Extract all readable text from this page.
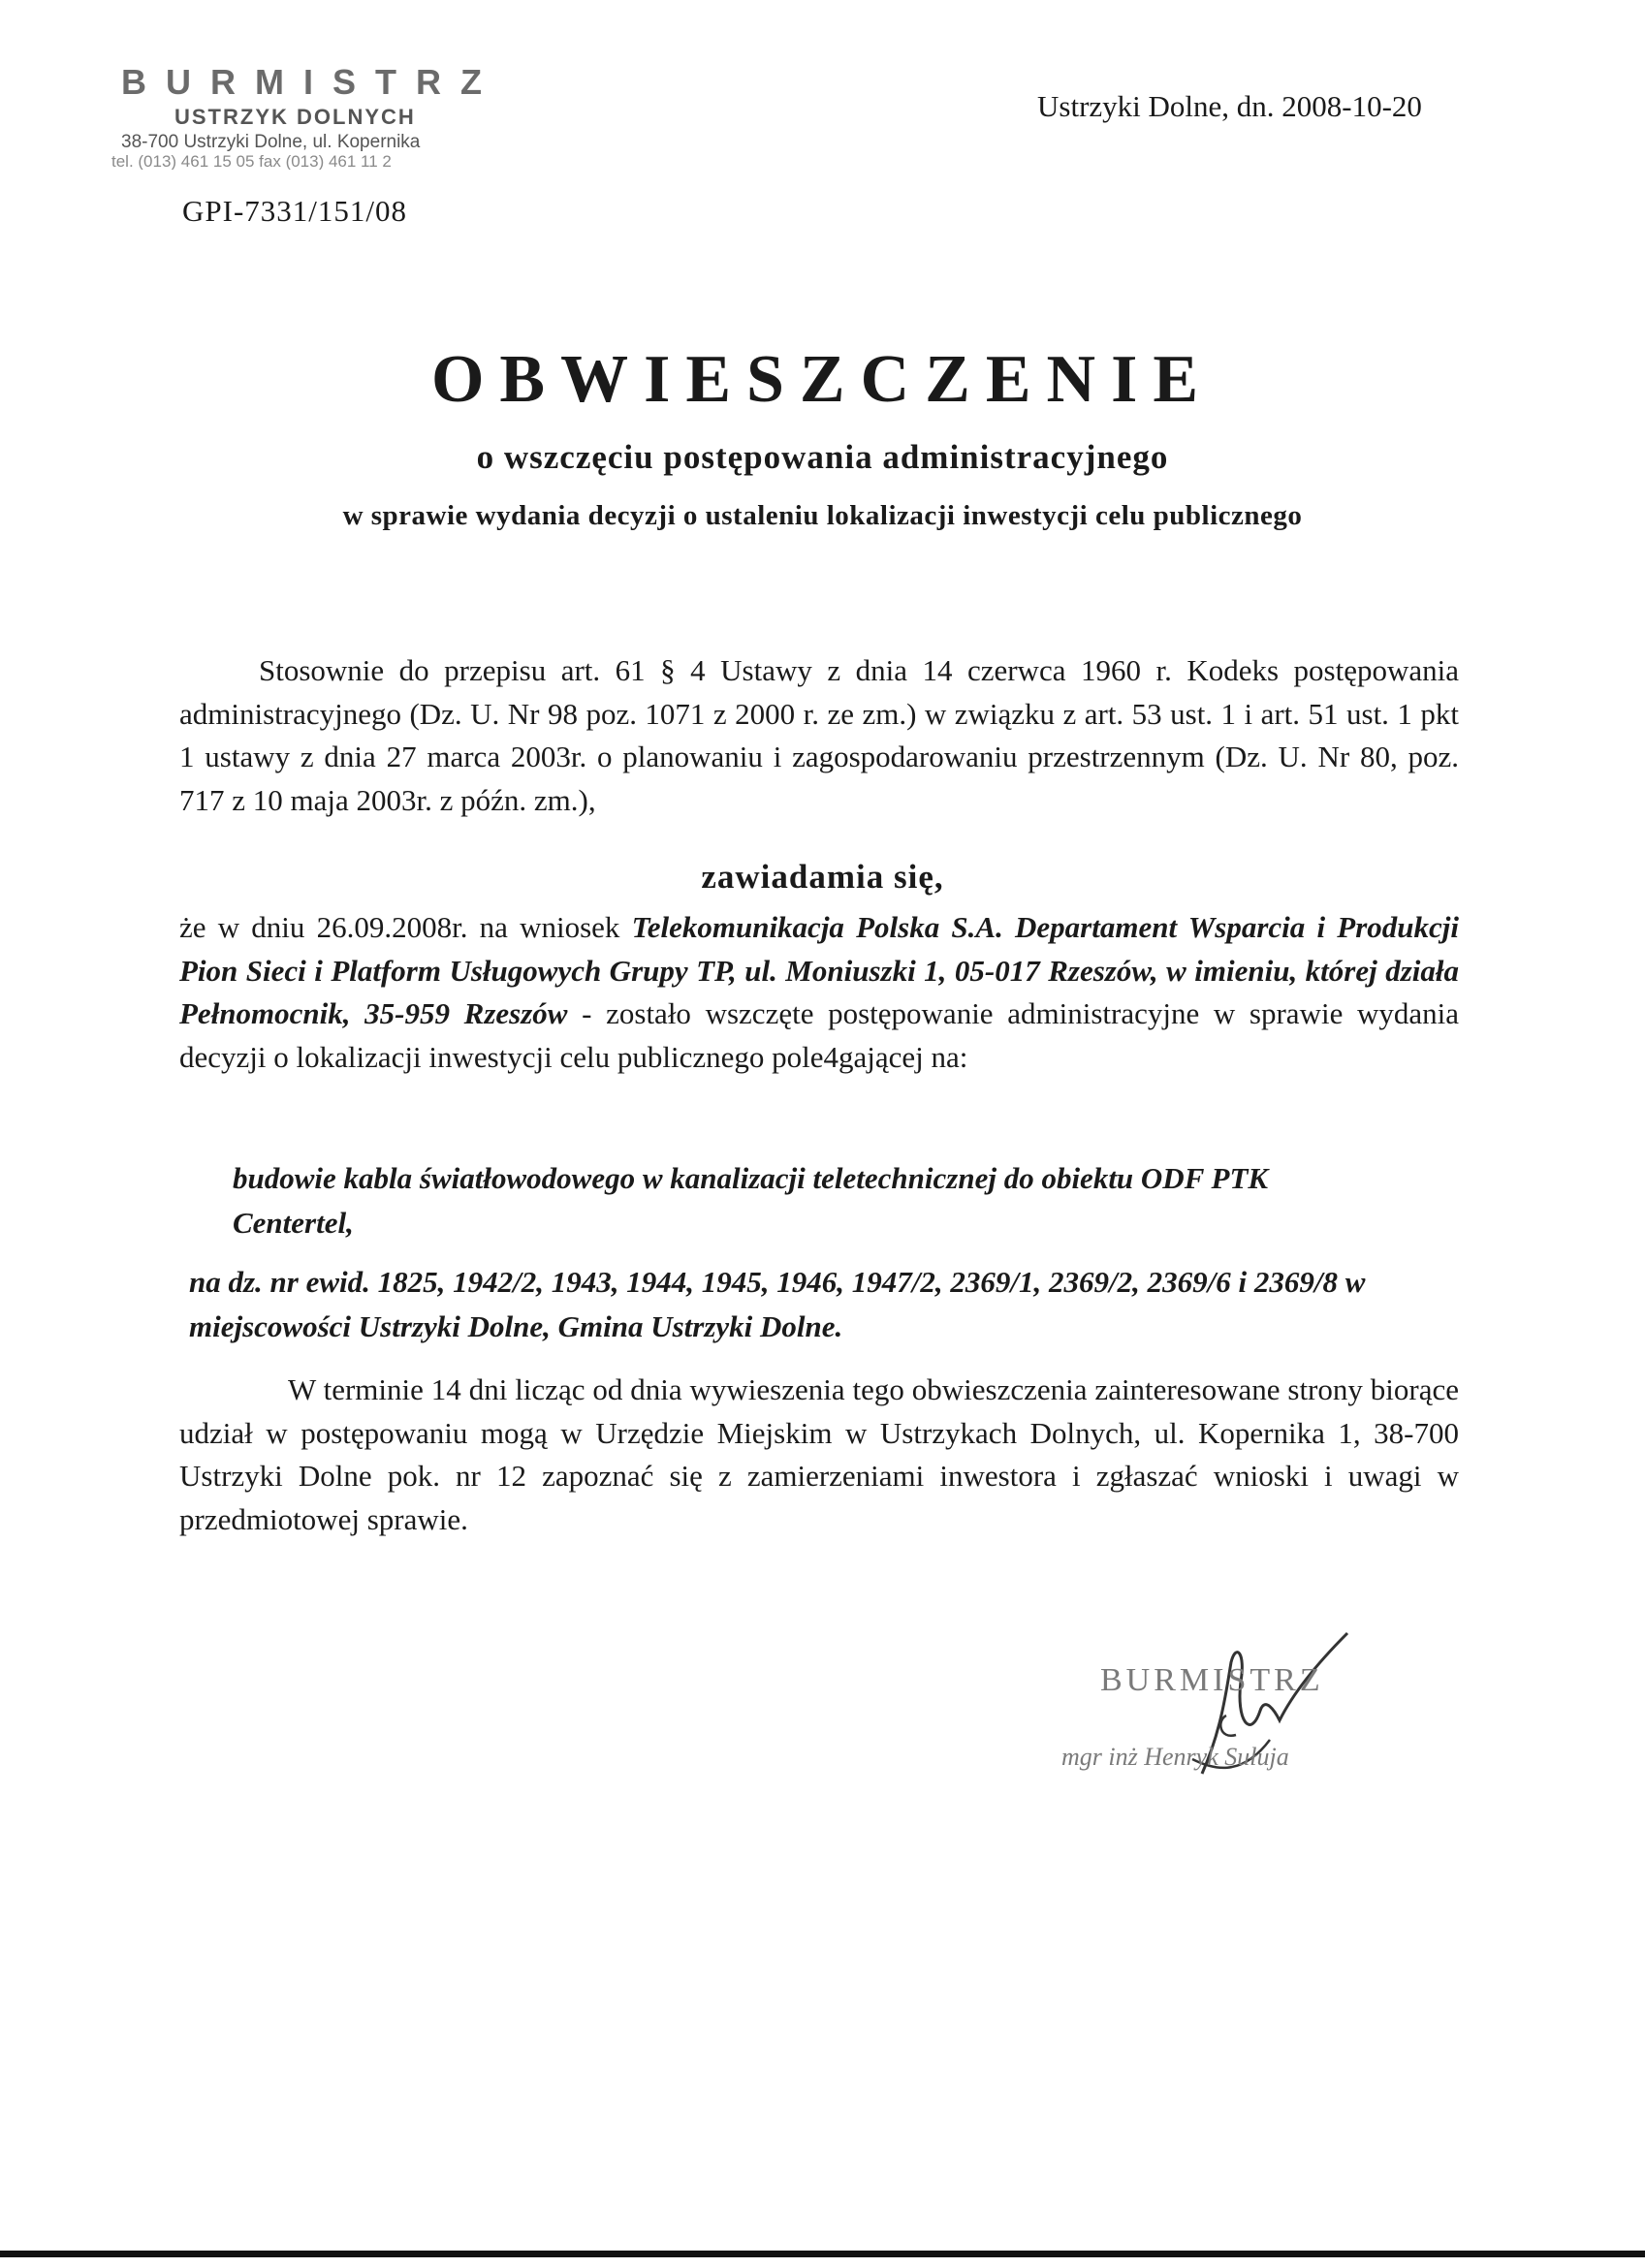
BURMISTRZ

USTRZYK DOLNYCH

38-700 Ustrzyki Dolne, ul. Kopernika

tel. (013) 461 15 05 fax (013) 461 11 2

GPI-7331/151/08
Ustrzyki Dolne, dn. 2008-10-20
OBWIESZCZENIE
o wszczęciu postępowania administracyjnego
w sprawie wydania decyzji o ustaleniu lokalizacji inwestycji celu publicznego
Stosownie do przepisu art. 61 § 4 Ustawy z dnia 14 czerwca 1960 r. Kodeks postępowania administracyjnego (Dz. U. Nr 98 poz. 1071 z 2000 r. ze zm.) w związku z art. 53 ust. 1 i art. 51 ust. 1 pkt 1 ustawy z dnia 27 marca 2003r. o planowaniu i zagospodarowaniu przestrzennym (Dz. U. Nr 80, poz. 717 z 10 maja 2003r. z późn. zm.),
zawiadamia się,
że w dniu 26.09.2008r. na wniosek Telekomunikacja Polska S.A. Departament Wsparcia i Produkcji Pion Sieci i Platform Usługowych Grupy TP, ul. Moniuszki 1, 05-017 Rzeszów, w imieniu, której działa Pełnomocnik, 35-959 Rzeszów - zostało wszczęte postępowanie administracyjne w sprawie wydania decyzji o lokalizacji inwestycji celu publicznego pole4gającej na:
budowie kabla światłowodowego w kanalizacji teletechnicznej do obiektu ODF PTK Centertel,
na dz. nr ewid. 1825, 1942/2, 1943, 1944, 1945, 1946, 1947/2, 2369/1, 2369/2, 2369/6 i 2369/8 w miejscowości Ustrzyki Dolne, Gmina Ustrzyki Dolne.
W terminie 14 dni licząc od dnia wywieszenia tego obwieszczenia zainteresowane strony biorące udział w postępowaniu mogą w Urzędzie Miejskim w Ustrzykach Dolnych, ul. Kopernika 1, 38-700 Ustrzyki Dolne pok. nr 12 zapoznać się z zamierzeniami inwestora i zgłaszać wnioski i uwagi w przedmiotowej sprawie.
BURMISTRZ
mgr inż Henryk Sułuja
